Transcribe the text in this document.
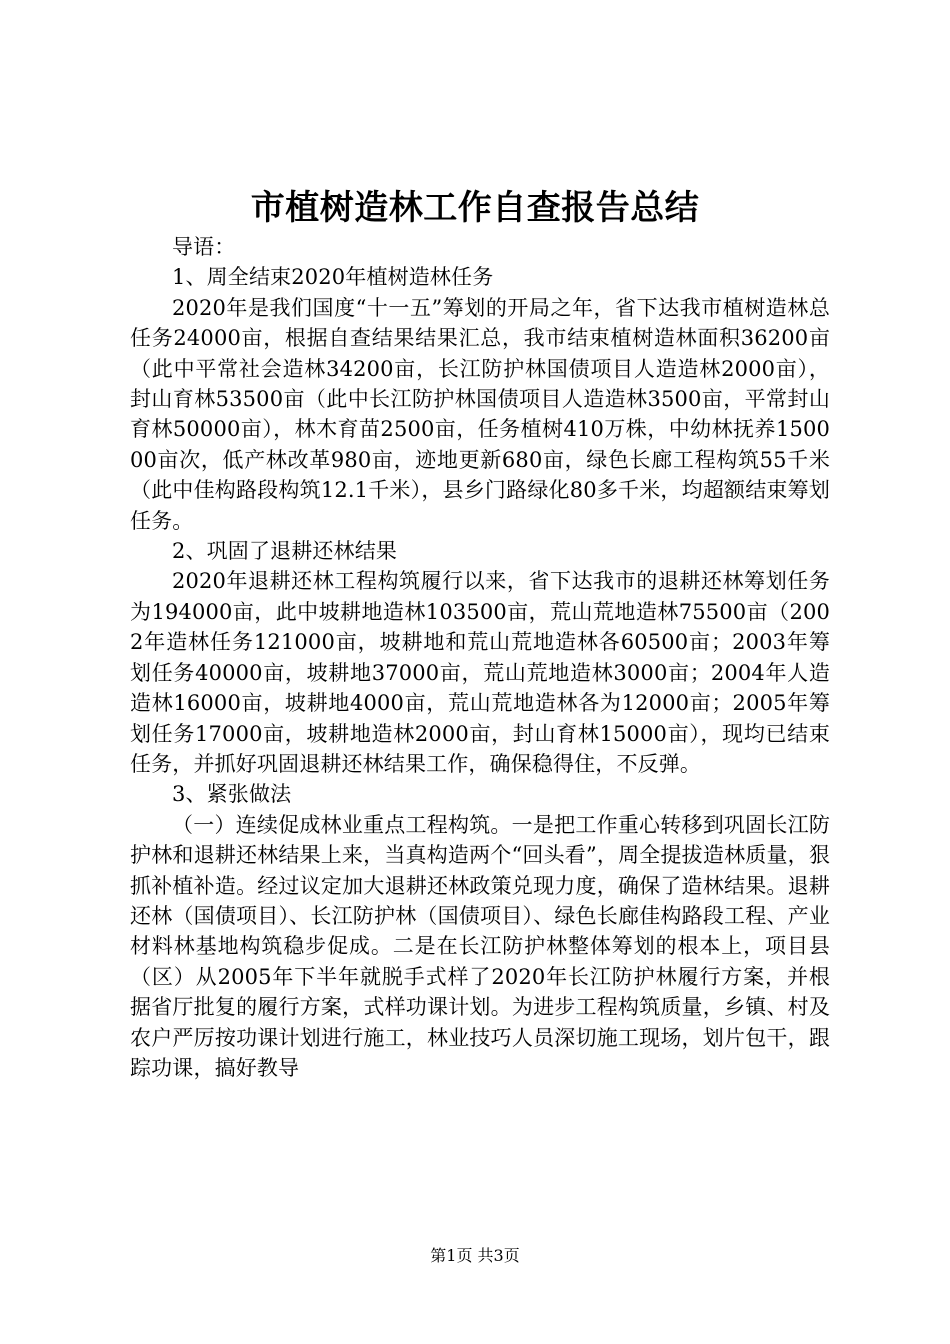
市植树造林工作自查报告总结

导语：

1、周全结束2020年植树造林任务

2020年是我们国度“十一五”筹划的开局之年，省下达我市植树造林总任务24000亩，根据自查结果结果汇总，我市结束植树造林面积36200亩（此中平常社会造林34200亩，长江防护林国债项目人造造林2000亩），封山育林53500亩（此中长江防护林国债项目人造造林3500亩，平常封山育林50000亩），林木育苗2500亩，任务植树410万株，中幼林抚养150000亩次，低产林改革980亩，迹地更新680亩，绿色长廊工程构筑55千米（此中佳构路段构筑12.1千米），县乡门路绿化80多千米，均超额结束筹划任务。

2、巩固了退耕还林结果

2020年退耕还林工程构筑履行以来，省下达我市的退耕还林筹划任务为194000亩，此中坡耕地造林103500亩，荒山荒地造林75500亩（2002年造林任务121000亩，坡耕地和荒山荒地造林各60500亩；2003年筹划任务40000亩，坡耕地37000亩，荒山荒地造林3000亩；2004年人造造林16000亩，坡耕地4000亩，荒山荒地造林各为12000亩；2005年筹划任务17000亩，坡耕地造林2000亩，封山育林15000亩），现均已结束任务，并抓好巩固退耕还林结果工作，确保稳得住，不反弹。

3、紧张做法

（一）连续促成林业重点工程构筑。一是把工作重心转移到巩固长江防护林和退耕还林结果上来，当真构造两个“回头看”，周全提拔造林质量，狠抓补植补造。经过议定加大退耕还林政策兑现力度，确保了造林结果。退耕还林（国债项目）、长江防护林（国债项目）、绿色长廊佳构路段工程、产业材料林基地构筑稳步促成。二是在长江防护林整体筹划的根本上，项目县（区）从2005年下半年就脱手式样了2020年长江防护林履行方案，并根据省厅批复的履行方案，式样功课计划。为进步工程构筑质量，乡镇、村及农户严厉按功课计划进行施工，林业技巧人员深切施工现场，划片包干，跟踪功课，搞好教导

第1页 共3页
